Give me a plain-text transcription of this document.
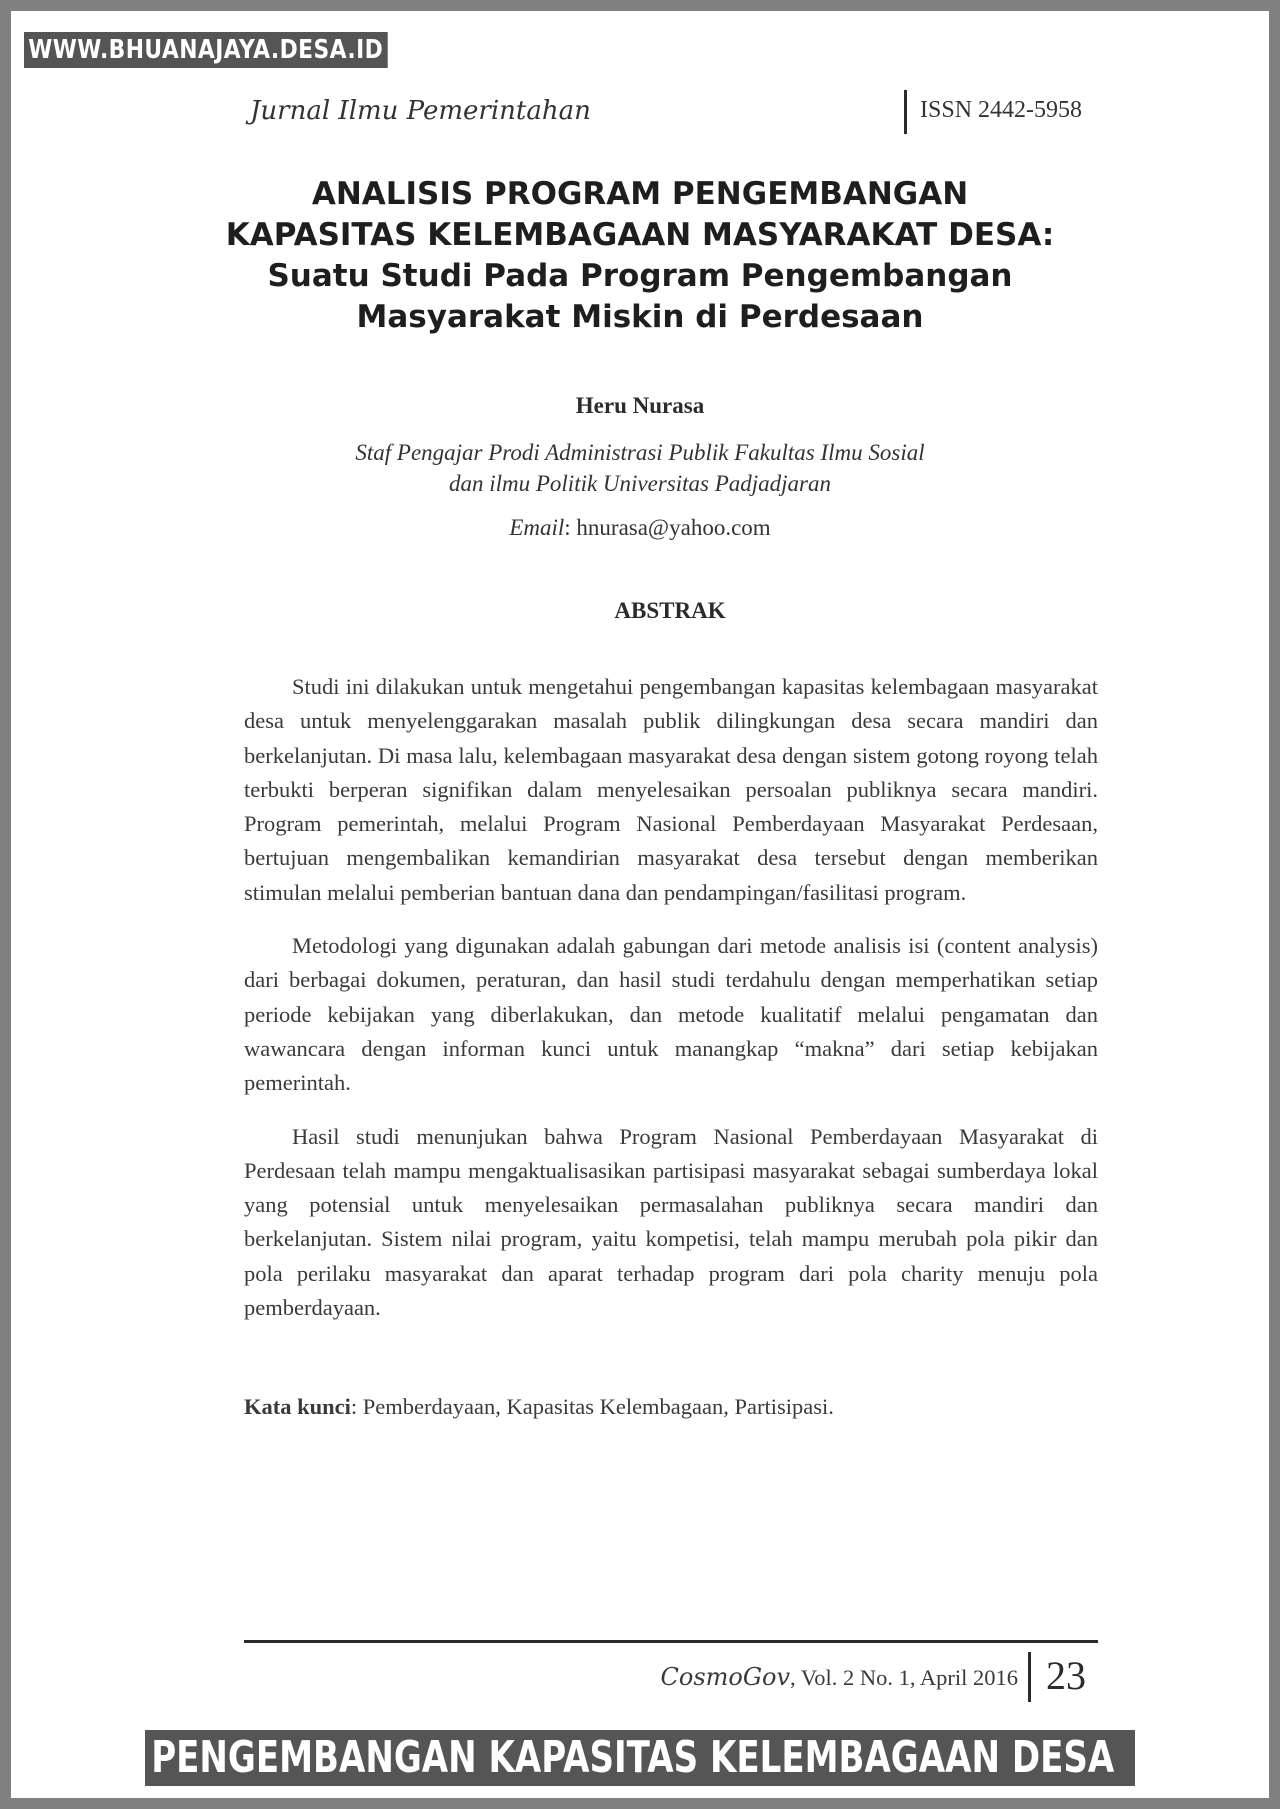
WWW.BHUANAJAYA.DESA.ID
Jurnal Ilmu Pemerintahan	ISSN 2442-5958
ANALISIS PROGRAM PENGEMBANGAN
KAPASITAS KELEMBAGAAN MASYARAKAT DESA:
Suatu Studi Pada Program Pengembangan
Masyarakat Miskin di Perdesaan
Heru Nurasa
Staf Pengajar Prodi Administrasi Publik Fakultas Ilmu Sosial
dan ilmu Politik Universitas Padjadjaran
Email: hnurasa@yahoo.com
ABSTRAK

Studi ini dilakukan untuk mengetahui pengembangan kapasitas kelembagaan masyarakat desa untuk menyelenggarakan masalah publik dilingkungan desa secara mandiri dan berkelanjutan. Di masa lalu, kelembagaan masyarakat desa dengan sistem gotong royong telah terbukti berperan signifikan dalam menyelesaikan persoalan publiknya secara mandiri. Program pemerintah, melalui Program Nasional Pemberdayaan Masyarakat Perdesaan, bertujuan mengembalikan kemandirian masyarakat desa tersebut dengan memberikan stimulan melalui pemberian bantuan dana dan pendampingan/fasilitasi program.

Metodologi yang digunakan adalah gabungan dari metode analisis isi (content analysis) dari berbagai dokumen, peraturan, dan hasil studi terdahulu dengan memperhatikan setiap periode kebijakan yang diberlakukan, dan metode kualitatif melalui pengamatan dan wawancara dengan informan kunci untuk manangkap “makna” dari setiap kebijakan pemerintah.

Hasil studi menunjukan bahwa Program Nasional Pemberdayaan Masyarakat di Perdesaan telah mampu mengaktualisasikan partisipasi masyarakat sebagai sumberdaya lokal yang potensial untuk menyelesaikan permasalahan publiknya secara mandiri dan berkelanjutan. Sistem nilai program, yaitu kompetisi, telah mampu merubah pola pikir dan pola perilaku masyarakat dan aparat terhadap program dari pola charity menuju pola pemberdayaan.

Kata kunci: Pemberdayaan, Kapasitas Kelembagaan, Partisipasi.
CosmoGov, Vol. 2 No. 1, April 2016 23
PENGEMBANGAN KAPASITAS KELEMBAGAAN DESA
